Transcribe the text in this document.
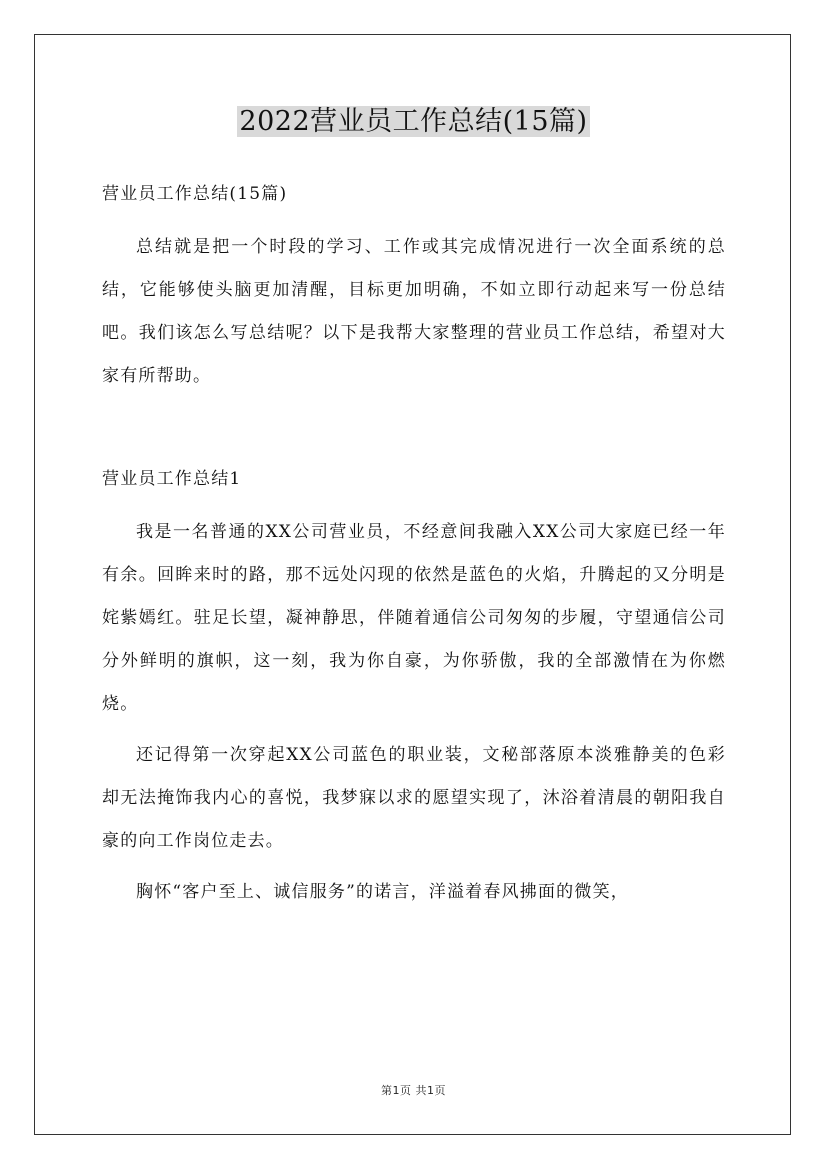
2022营业员工作总结(15篇)
营业员工作总结(15篇)

总结就是把一个时段的学习、工作或其完成情况进行一次全面系统的总结，它能够使头脑更加清醒，目标更加明确，不如立即行动起来写一份总结吧。我们该怎么写总结呢？以下是我帮大家整理的营业员工作总结，希望对大家有所帮助。

营业员工作总结1

我是一名普通的XX公司营业员，不经意间我融入XX公司大家庭已经一年有余。回眸来时的路，那不远处闪现的依然是蓝色的火焰，升腾起的又分明是姹紫嫣红。驻足长望，凝神静思，伴随着通信公司匆匆的步履，守望通信公司分外鲜明的旗帜，这一刻，我为你自豪，为你骄傲，我的全部激情在为你燃烧。

还记得第一次穿起XX公司蓝色的职业装，文秘部落原本淡雅静美的色彩却无法掩饰我内心的喜悦，我梦寐以求的愿望实现了，沐浴着清晨的朝阳我自豪的向工作岗位走去。

胸怀“客户至上、诚信服务”的诺言，洋溢着春风拂面的微笑，

第1页 共1页
